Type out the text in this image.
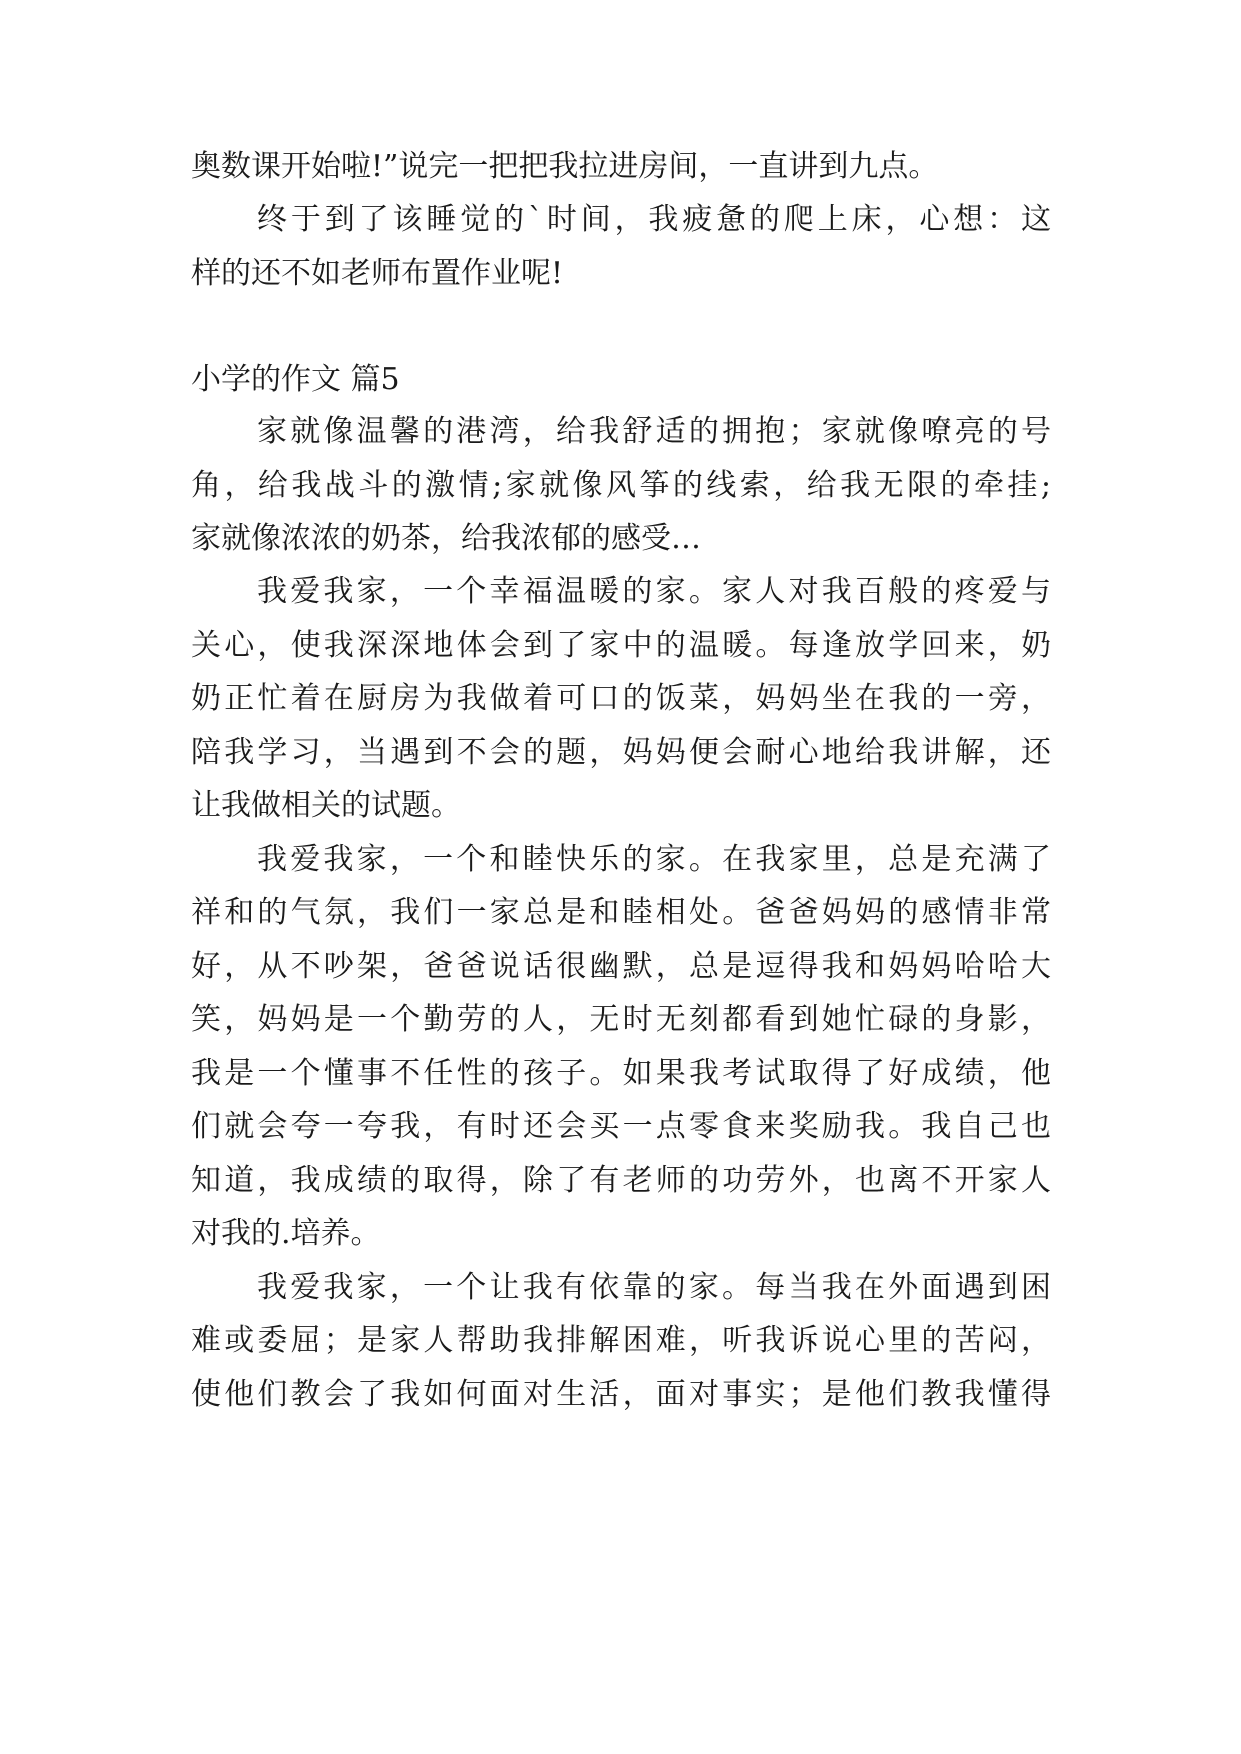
奥数课开始啦!”说完一把把我拉进房间，一直讲到九点。
终于到了该睡觉的`时间，我疲惫的爬上床，心想：这
样的还不如老师布置作业呢!
小学的作文 篇5
家就像温馨的港湾，给我舒适的拥抱；家就像嘹亮的号
角，给我战斗的激情;家就像风筝的线索，给我无限的牵挂;
家就像浓浓的奶茶，给我浓郁的感受…
我爱我家，一个幸福温暖的家。家人对我百般的疼爱与
关心，使我深深地体会到了家中的温暖。每逢放学回来，奶
奶正忙着在厨房为我做着可口的饭菜，妈妈坐在我的一旁，
陪我学习，当遇到不会的题，妈妈便会耐心地给我讲解，还
让我做相关的试题。
我爱我家，一个和睦快乐的家。在我家里，总是充满了
祥和的气氛，我们一家总是和睦相处。爸爸妈妈的感情非常
好，从不吵架，爸爸说话很幽默，总是逗得我和妈妈哈哈大
笑，妈妈是一个勤劳的人，无时无刻都看到她忙碌的身影，
我是一个懂事不任性的孩子。如果我考试取得了好成绩，他
们就会夸一夸我，有时还会买一点零食来奖励我。我自己也
知道，我成绩的取得，除了有老师的功劳外，也离不开家人
对我的.培养。
我爱我家，一个让我有依靠的家。每当我在外面遇到困
难或委屈；是家人帮助我排解困难，听我诉说心里的苦闷，
使他们教会了我如何面对生活，面对事实；是他们教我懂得
